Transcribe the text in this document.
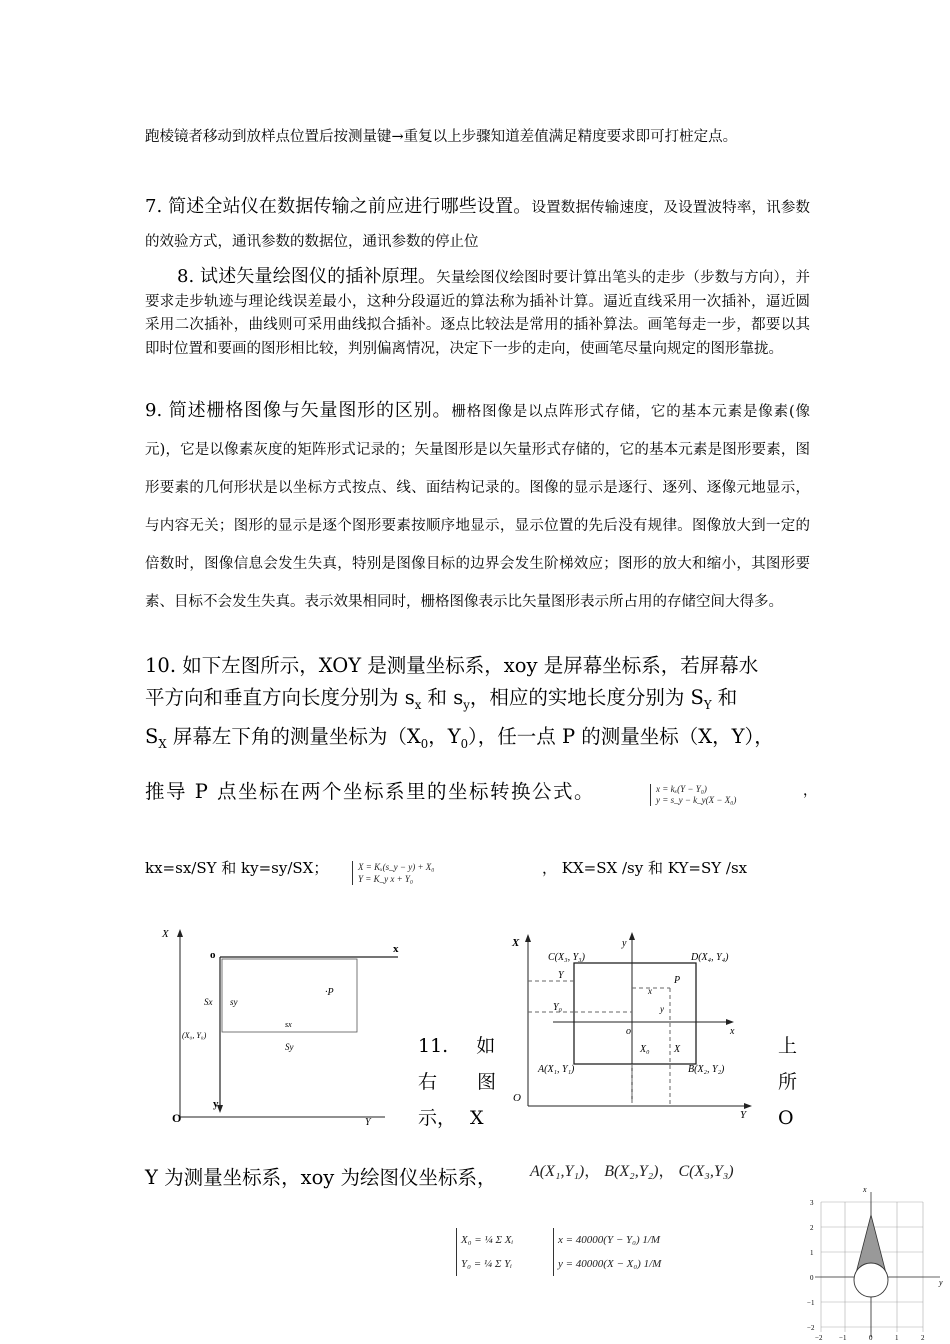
跑棱镜者移动到放样点位置后按测量键→重复以上步骤知道差值满足精度要求即可打桩定点。
7. 简述全站仪在数据传输之前应进行哪些设置。设置数据传输速度，及设置波特率，讯参数的效验方式，通讯参数的数据位，通讯参数的停止位
8. 试述矢量绘图仪的插补原理。矢量绘图仪绘图时要计算出笔头的走步（步数与方向），并要求走步轨迹与理论线误差最小，这种分段逼近的算法称为插补计算。逼近直线采用一次插补，逼近圆采用二次插补，曲线则可采用曲线拟合插补。逐点比较法是常用的插补算法。画笔每走一步，都要以其即时位置和要画的图形相比较，判别偏离情况，决定下一步的走向，使画笔尽量向规定的图形靠拢。
9. 简述栅格图像与矢量图形的区别。栅格图像是以点阵形式存储，它的基本元素是像素(像元)，它是以像素灰度的矩阵形式记录的；矢量图形是以矢量形式存储的，它的基本元素是图形要素，图形要素的几何形状是以坐标方式按点、线、面结构记录的。图像的显示是逐行、逐列、逐像元地显示，与内容无关；图形的显示是逐个图形要素按顺序地显示，显示位置的先后没有规律。图像放大到一定的倍数时，图像信息会发生失真，特别是图像目标的边界会发生阶梯效应；图形的放大和缩小，其图形要素、目标不会发生失真。表示效果相同时，栅格图像表示比矢量图形表示所占用的存储空间大得多。
10. 如下左图所示，XOY 是测量坐标系，xoy 是屏幕坐标系，若屏幕水
平方向和垂直方向长度分别为 $s_x$ 和 $s_y$，相应的实地长度分别为 $S_Y$ 和
$S_X$ 屏幕左下角的测量坐标为（$X_0$，$Y_0$），任一点 P 的测量坐标（X，Y），
推导 P 点坐标在两个坐标系里的坐标转换公式。	x = kₓ(Y − Y₀)
y = s_y − k_y(X − X₀)
，
kx=sx/SY 和 ky=sy/SX；	X = Kₓ(s_y − y) + X₀
Y = K_y x + Y₀
， KX=SX /sy 和 KY=SY /sx
X
O	Y
x
o
y
Sx sy
sx
Sy
·P
(X₀, Y₀)	11. 如
右 图
示， X
上
所
O
X
O
Y
y
x
o
C(X₃, Y₃)	D(X₄, Y₄)
A(X₁, Y₁)	B(X₂, Y₂)
Y
Y₀
P
x
y
X₀ X
Y 为测量坐标系，xoy 为绘图仪坐标系， A(X₁,Y₁)， B(X₂,Y₂)， C(X₃,Y₃)
X₀ = ¼ Σ Xᵢ
Y₀ = ¼ Σ Yᵢ
x = 40000(Y − Y₀) 1/M
y = 40000(X − X₀) 1/M
x
y
3
2
1
0
−1
−2
−2 −1	0	1	2
